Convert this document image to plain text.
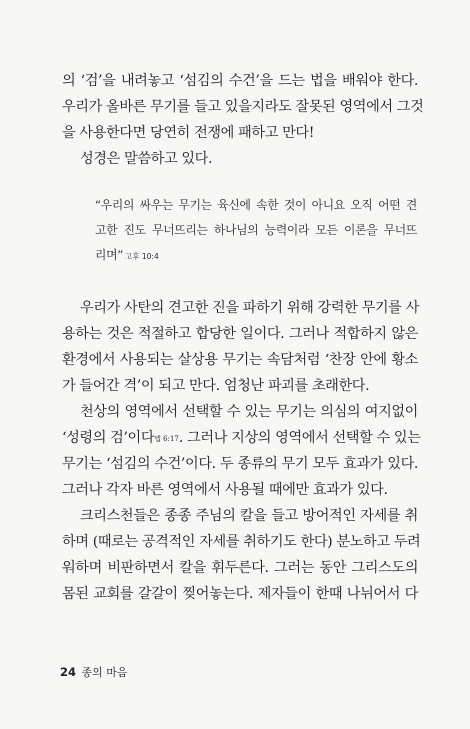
의 ‘검’을 내려놓고 ‘섬김의 수건’을 드는 법을 배워야 한다.
우리가 올바른 무기를 들고 있을지라도 잘못된 영역에서 그것
을 사용한다면 당연히 전쟁에 패하고 만다!
성경은 말씀하고 있다.
“우리의 싸우는 무기는 육신에 속한 것이 아니요 오직 어떤 견
고한 진도 무너뜨리는 하나님의 능력이라 모든 이론을 무너뜨
리며” 고후 10:4
우리가 사탄의 견고한 진을 파하기 위해 강력한 무기를 사
용하는 것은 적절하고 합당한 일이다. 그러나 적합하지 않은
환경에서 사용되는 살상용 무기는 속담처럼 ‘찬장 안에 황소
가 들어간 격’이 되고 만다. 엄청난 파괴를 초래한다.
천상의 영역에서 선택할 수 있는 무기는 의심의 여지없이
‘성령의 검’이다엡 6:17. 그러나 지상의 영역에서 선택할 수 있는
무기는 ‘섬김의 수건’이다. 두 종류의 무기 모두 효과가 있다.
그러나 각자 바른 영역에서 사용될 때에만 효과가 있다.
크리스천들은 종종 주님의 칼을 들고 방어적인 자세를 취
하며 (때로는 공격적인 자세를 취하기도 한다) 분노하고 두려
워하며 비판하면서 칼을 휘두른다. 그러는 동안 그리스도의
몸된 교회를 갈갈이 찢어놓는다. 제자들이 한때 나뉘어서 다
24 종의 마음
